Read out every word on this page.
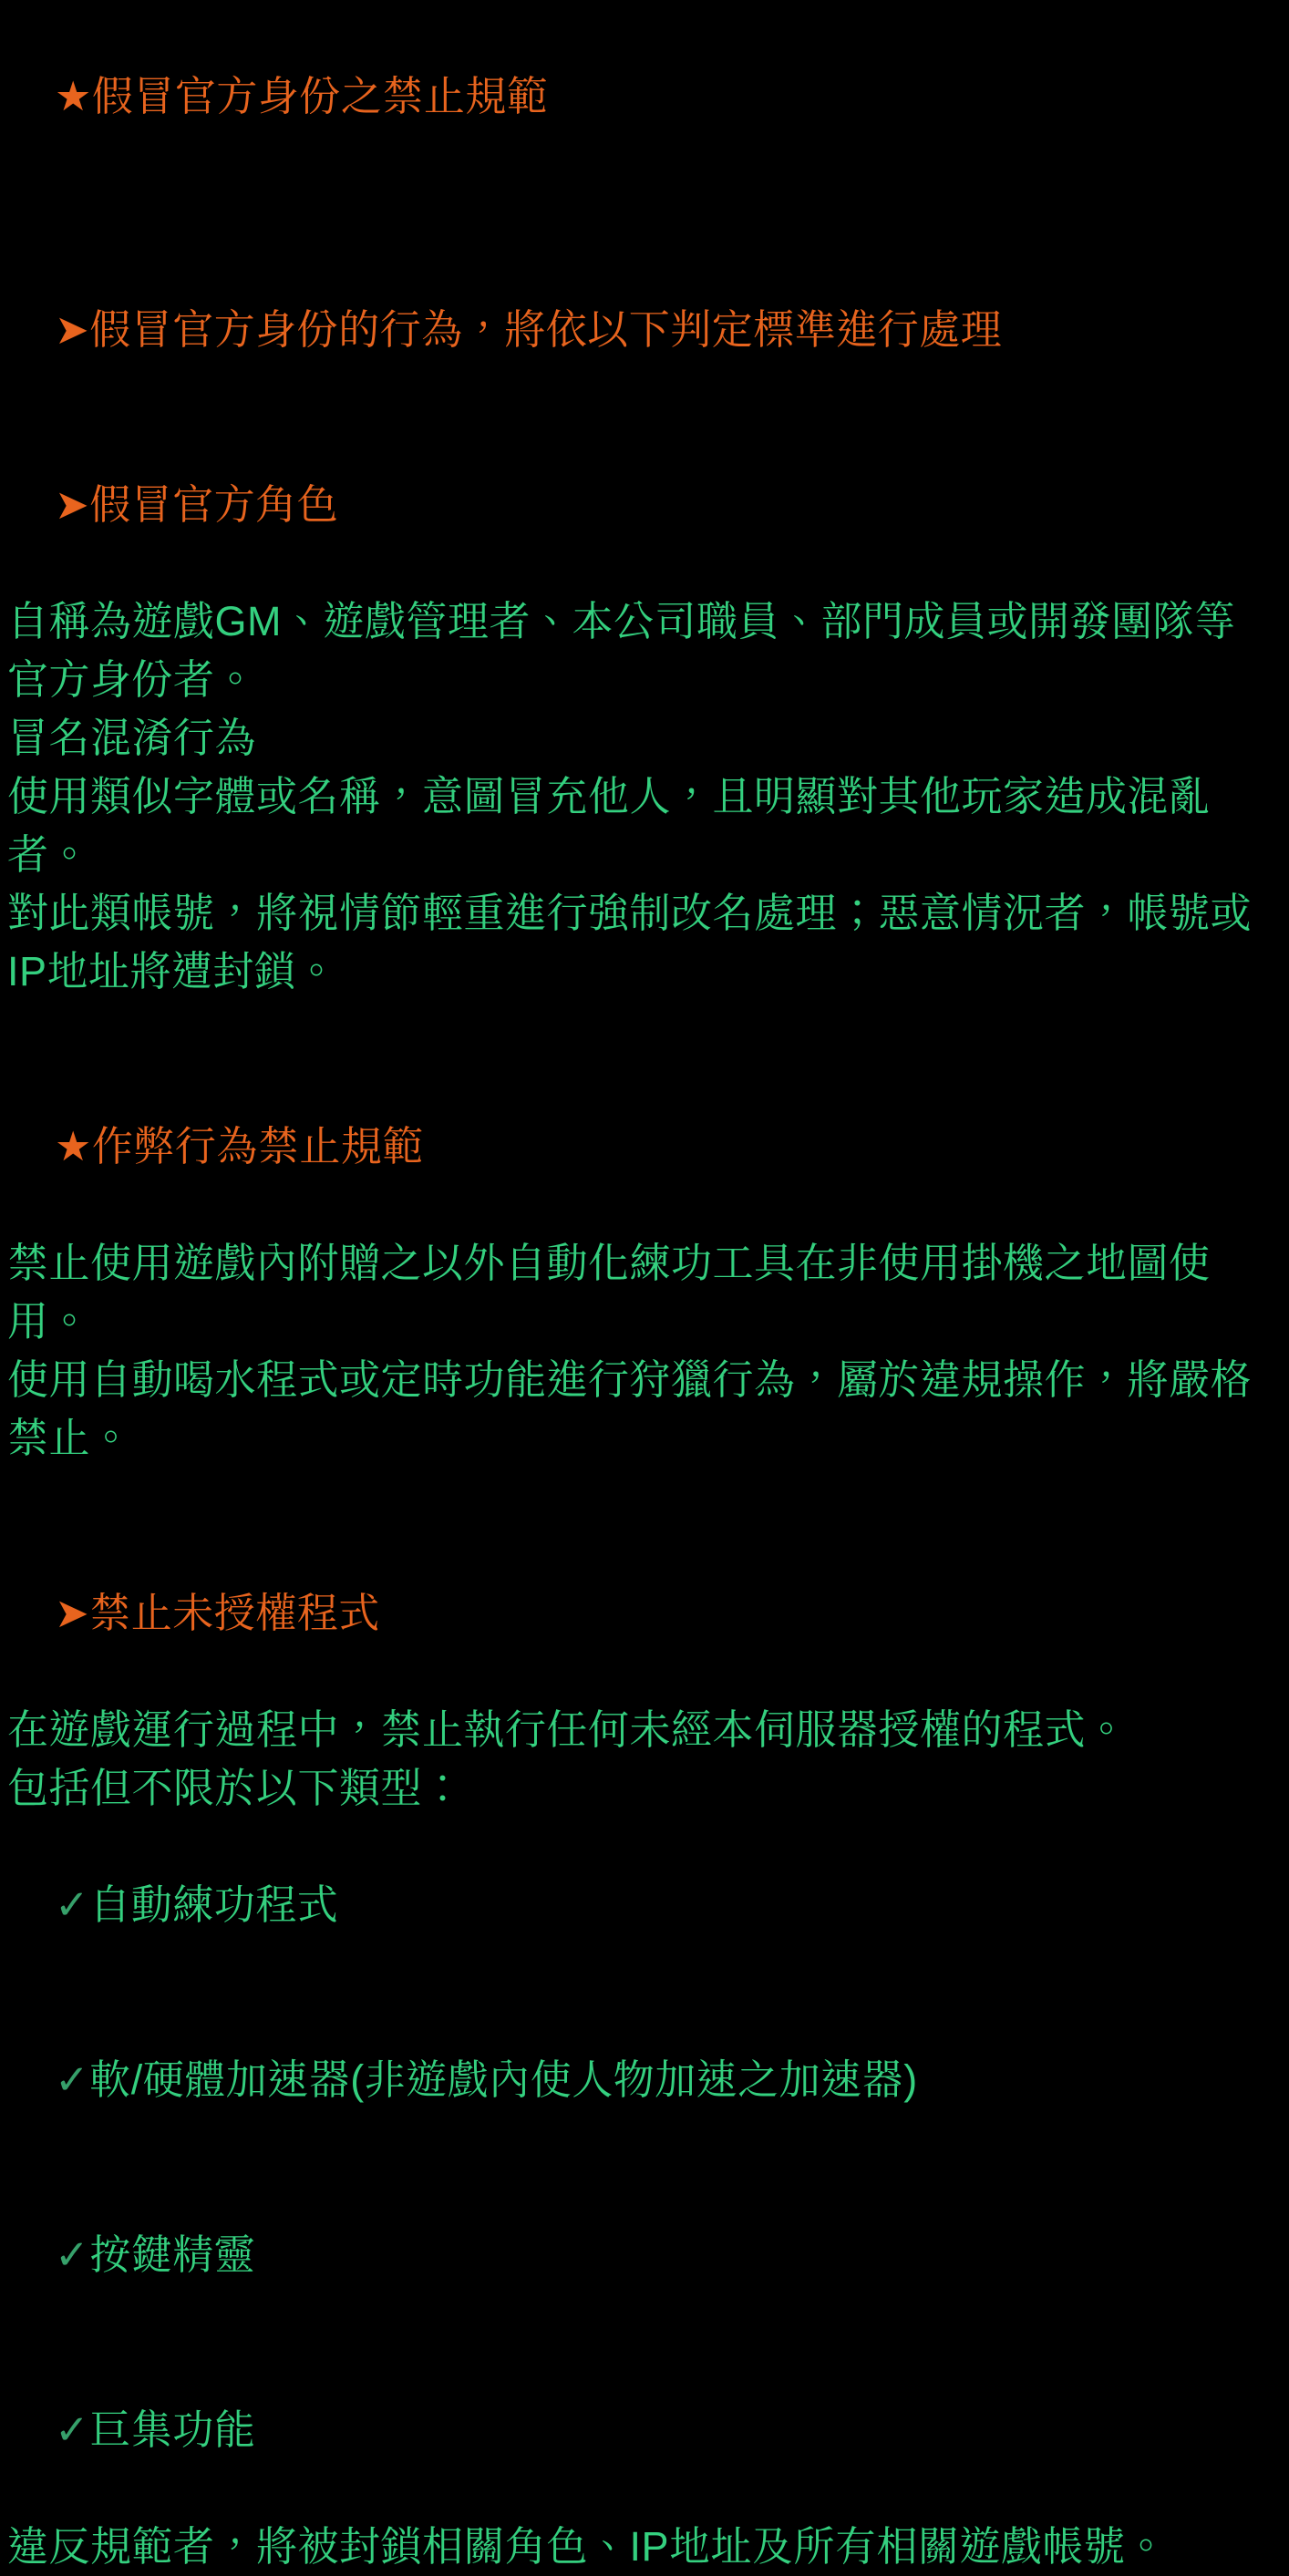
★假冒官方身份之禁止規範

➤假冒官方身份的行為，將依以下判定標準進行處理

➤假冒官方角色

自稱為遊戲GM、遊戲管理者、本公司職員、部門成員或開發團隊等官方身份者。
冒名混淆行為
使用類似字體或名稱，意圖冒充他人，且明顯對其他玩家造成混亂者。
對此類帳號，將視情節輕重進行強制改名處理；惡意情況者，帳號或IP地址將遭封鎖。

★作弊行為禁止規範

禁止使用遊戲內附贈之以外自動化練功工具在非使用掛機之地圖使用。
使用自動喝水程式或定時功能進行狩獵行為，屬於違規操作，將嚴格禁止。

➤禁止未授權程式

在遊戲運行過程中，禁止執行任何未經本伺服器授權的程式。
包括但不限於以下類型：

✓自動練功程式

✓軟/硬體加速器(非遊戲內使人物加速之加速器)

✓按鍵精靈

✓巨集功能

違反規範者，將被封鎖相關角色、IP地址及所有相關遊戲帳號。
